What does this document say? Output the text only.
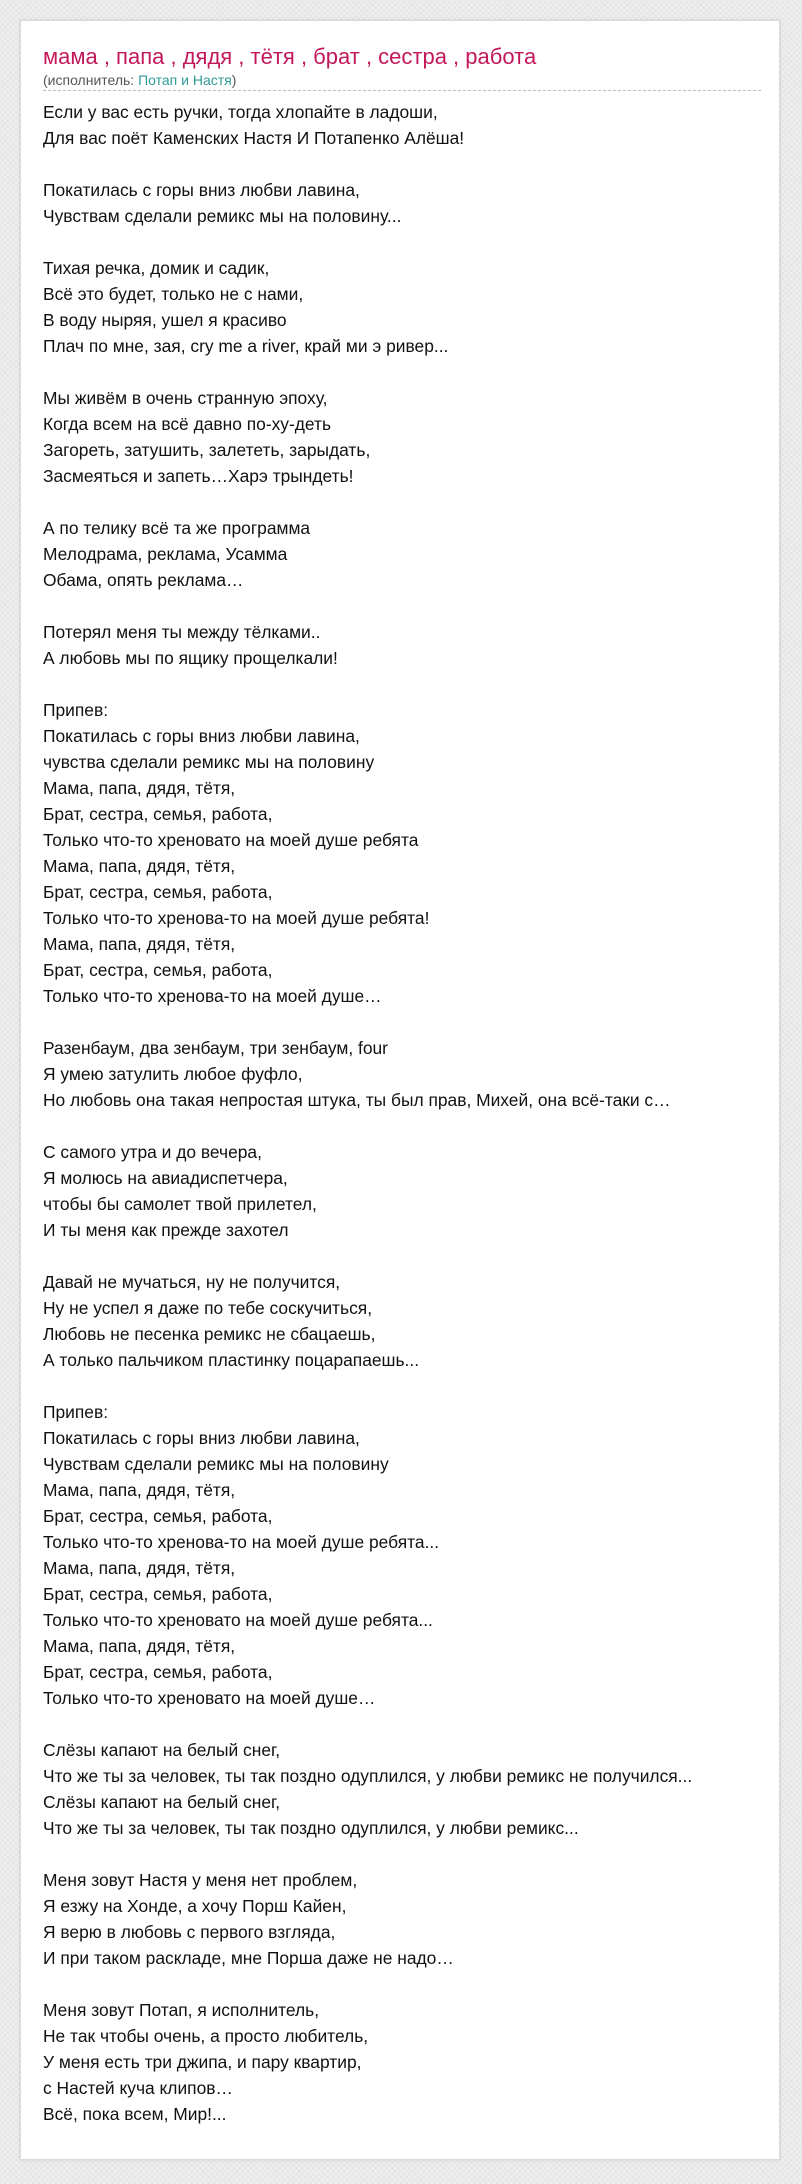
мама , папа , дядя , тётя , брат , сестра , работа
(исполнитель: Потап и Настя)
Если у вас есть ручки, тогда хлопайте в ладоши,
Для вас поёт Каменских Настя И Потапенко Алёша!
Покатилась с горы вниз любви лавина,
Чувствам сделали ремикс мы на половину...
Тихая речка, домик и садик,
Всё это будет, только не с нами,
В воду ныряя, ушел я красиво
Плач по мне, зая, cry me a river, край ми э ривер...
Мы живём в очень странную эпоху,
Когда всем на всё давно по-ху-деть
Загореть, затушить, залететь, зарыдать,
Засмеяться и запеть…Харэ трындеть!
А по телику всё та же программа
Мелодрама, реклама, Усамма
Обама, опять реклама…
Потерял меня ты между тёлками..
А любовь мы по ящику прощелкали!
Припев:
Покатилась с горы вниз любви лавина,
чувства сделали ремикс мы на половину
Мама, папа, дядя, тётя,
Брат, сестра, семья, работа,
Только что-то хреновато на моей душе ребята
Мама, папа, дядя, тётя,
Брат, сестра, семья, работа,
Только что-то хренова-то на моей душе ребята!
Мама, папа, дядя, тётя,
Брат, сестра, семья, работа,
Только что-то хренова-то на моей душе…
Разенбаум, два зенбаум, три зенбаум, four
Я умею затулить любое фуфло,
Но любовь она такая непростая штука, ты был прав, Михей, она всё-таки с…
С самого утра и до вечера,
Я молюсь на авиадиспетчера,
чтобы бы самолет твой прилетел,
И ты меня как прежде захотел
Давай не мучаться, ну не получится,
Ну не успел я даже по тебе соскучиться,
Любовь не песенка ремикс не сбацаешь,
А только пальчиком пластинку поцарапаешь...
Припев:
Покатилась с горы вниз любви лавина,
Чувствам сделали ремикс мы на половину
Мама, папа, дядя, тётя,
Брат, сестра, семья, работа,
Только что-то хренова-то на моей душе ребята...
Мама, папа, дядя, тётя,
Брат, сестра, семья, работа,
Только что-то хреновато на моей душе ребята...
Мама, папа, дядя, тётя,
Брат, сестра, семья, работа,
Только что-то хреновато на моей душе…
Слёзы капают на белый снег,
Что же ты за человек, ты так поздно одуплился, у любви ремикс не получился...
Слёзы капают на белый снег,
Что же ты за человек, ты так поздно одуплился, у любви ремикс...
Меня зовут Настя у меня нет проблем,
Я езжу на Хонде, а хочу Порш Кайен,
Я верю в любовь с первого взгляда,
И при таком раскладе, мне Порша даже не надо…
Меня зовут Потап, я исполнитель,
Не так чтобы очень, а просто любитель,
У меня есть три джипа, и пару квартир,
с Настей куча клипов…
Всё, пока всем, Мир!...
